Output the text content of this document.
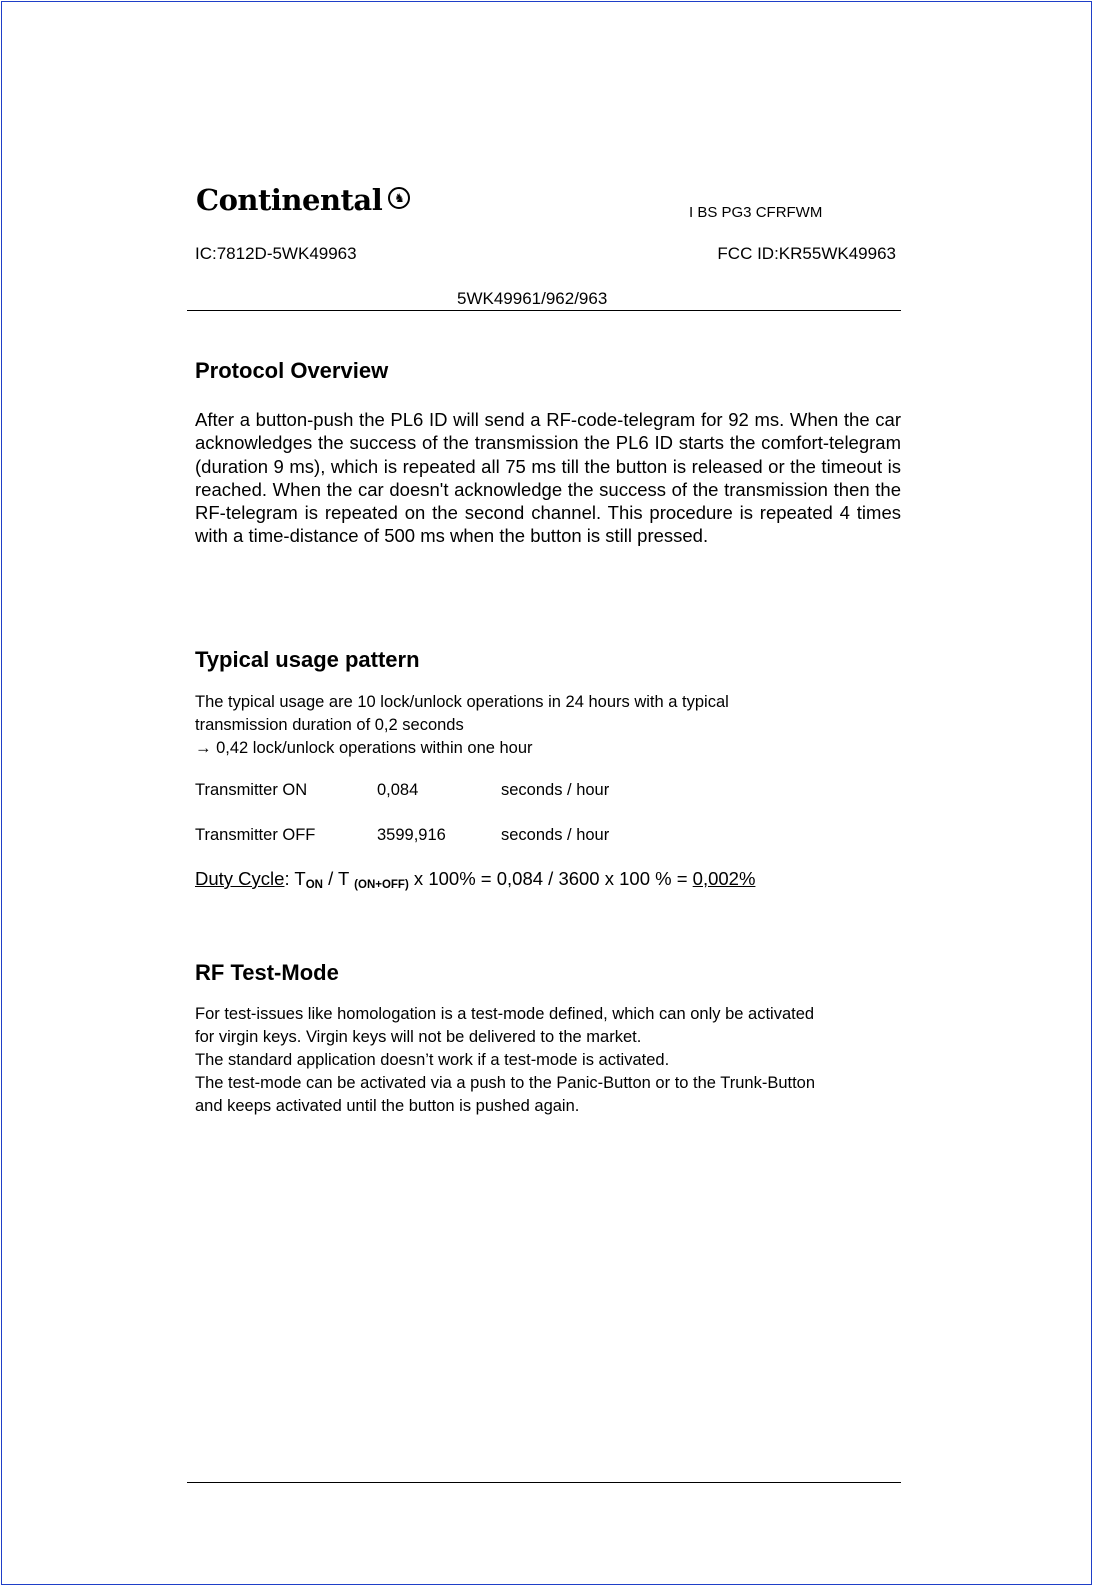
Continental ♞
I BS PG3 CFRFWM
IC:7812D-5WK49963	FCC ID:KR55WK49963
5WK49961/962/963
Protocol Overview

After a button-push the PL6 ID will send a RF-code-telegram for 92 ms. When the car acknowledges the success of the transmission the PL6 ID starts the comfort-telegram (duration 9 ms), which is repeated all 75 ms till the button is released or the timeout is reached. When the car doesn't acknowledge the success of the transmission then the RF-telegram is repeated on the second channel. This procedure is repeated 4 times with a time-distance of 500 ms when the button is still pressed.

Typical usage pattern

The typical usage are 10 lock/unlock operations in 24 hours with a typical

transmission duration of 0,2 seconds

→ 0,42 lock/unlock operations within one hour

Transmitter ON	0,084	seconds / hour
Transmitter OFF	3599,916	seconds / hour
Duty Cycle: $T_{ON}$ / T $_{(ON+OFF)}$ x 100% = 0,084 / 3600 x 100 % = 0,002%
RF Test-Mode

For test-issues like homologation is a test-mode defined, which can only be activated

for virgin keys. Virgin keys will not be delivered to the market.

The standard application doesn’t work if a test-mode is activated.

The test-mode can be activated via a push to the Panic-Button or to the Trunk-Button

and keeps activated until the button is pushed again.
